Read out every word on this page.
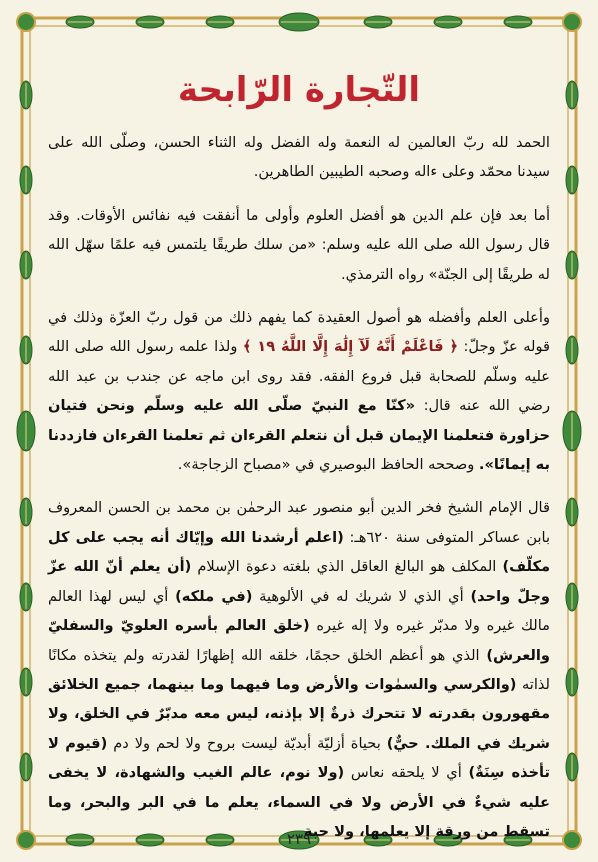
التّجارة الرّابحة

الحمد لله ربّ العالمين له النعمة وله الفضل وله الثناء الحسن، وصلّى الله على سيدنا محمّد وعلى ءاله وصحبه الطيبين الطاهرين.

أما بعد فإن علم الدين هو أفضل العلوم وأولى ما أنفقت فيه نفائس الأوقات. وقد قال رسول الله صلى الله عليه وسلم: «من سلك طريقًا يلتمس فيه علمًا سهّل الله له طريقًا إلى الجنّة» رواه الترمذي.

وأعلى العلم وأفضله هو أصول العقيدة كما يفهم ذلك من قول ربّ العزّة وذلك في قوله عزّ وجلّ: ﴿ فَاعْلَمْ أَنَّهُ لَآ إِلَٰهَ إِلَّا اللَّهُ ١٩ ﴾ ولذا علمه رسول الله صلى الله عليه وسلّم للصحابة قبل فروع الفقه. فقد روى ابن ماجه عن جندب بن عبد الله رضي الله عنه قال: «كنّا مع النبيّ صلّى الله عليه وسلّم ونحن فتيان حزاورة فتعلمنا الإيمان قبل أن نتعلم القرءان ثم تعلمنا القرءان فازددنا به إيمانًا». وصححه الحافظ البوصيري في «مصباح الزجاجة».

قال الإمام الشيخ فخر الدين أبو منصور عبد الرحمٰن بن محمد بن الحسن المعروف بابن عساكر المتوفى سنة ٦٢٠هـ: (اعلم أرشدنا الله وإيّاك أنه يجب على كل مكلّف) المكلف هو البالغ العاقل الذي بلغته دعوة الإسلام (أن يعلم أنّ الله عزّ وجلّ واحد) أي الذي لا شريك له في الألوهية (في ملكه) أي ليس لهذا العالم مالك غيره ولا مدبّر غيره ولا إله غيره (خلق العالم بأسره العلويّ والسفليّ والعرش) الذي هو أعظم الخلق حجمًا، خلقه الله إظهارًا لقدرته ولم يتخذه مكانًا لذاته (والكرسي والسمٰوات والأرض وما فيهما وما بينهما، جميع الخلائق مقهورون بقدرته لا تتحرك ذرةٌ إلا بإذنه، ليس معه مدبّرٌ في الخلق، ولا شريك في الملك. حيٌّ) بحياة أزليّة أبديّة ليست بروح ولا لحم ولا دم (قيوم لا تأخذه سِنَةٌ) أي لا يلحقه نعاس (ولا نوم، عالم الغيب والشهادة، لا يخفى عليه شيءٌ في الأرض ولا في السماء، يعلم ما في البر والبحر، وما تسقط من ورقة إلا يعلمها، ولا حبة

٢٣٩
